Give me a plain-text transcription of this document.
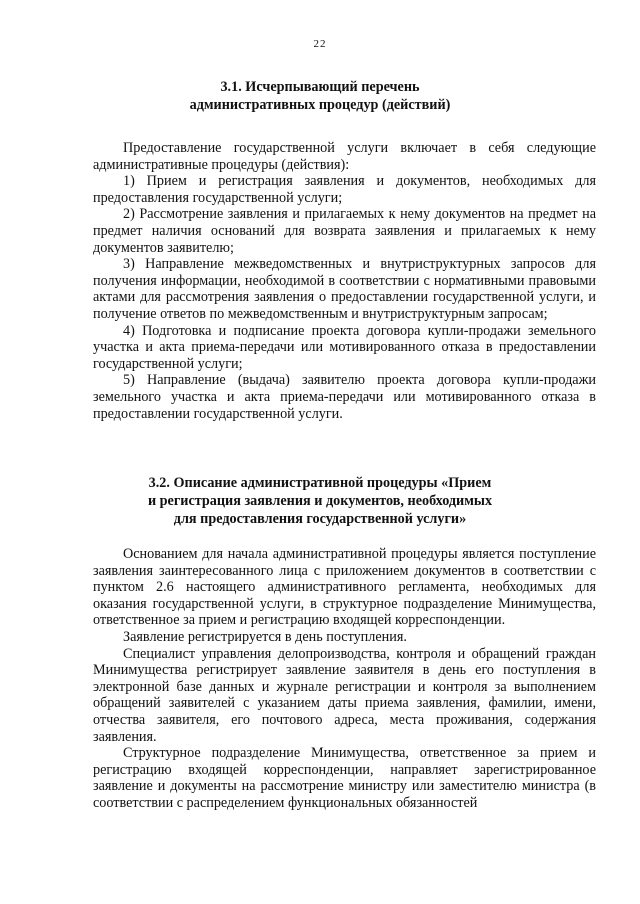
22
3.1. Исчерпывающий перечень
административных процедур (действий)

Предоставление государственной услуги включает в себя следующие административные процедуры (действия):

1) Прием и регистрация заявления и документов, необходимых для предоставления государственной услуги;

2) Рассмотрение заявления и прилагаемых к нему документов на предмет на предмет наличия оснований для возврата заявления и прилагаемых к нему документов заявителю;

3) Направление межведомственных и внутриструктурных запросов для получения информации, необходимой в соответствии с нормативными правовыми актами для рассмотрения заявления о предоставлении государственной услуги, и получение ответов по межведомственным и внутриструктурным запросам;

4) Подготовка и подписание проекта договора купли-продажи земельного участка и акта приема-передачи или мотивированного отказа в предоставлении государственной услуги;

5) Направление (выдача) заявителю проекта договора купли-продажи земельного участка и акта приема-передачи или мотивированного отказа в предоставлении государственной услуги.

3.2. Описание административной процедуры «Прием
и регистрация заявления и документов, необходимых
для предоставления государственной услуги»

Основанием для начала административной процедуры является поступление заявления заинтересованного лица с приложением документов в соответствии с пунктом 2.6 настоящего административного регламента, необходимых для оказания государственной услуги, в структурное подразделение Минимущества, ответственное за прием и регистрацию входящей корреспонденции.

Заявление регистрируется в день поступления.

Специалист управления делопроизводства, контроля и обращений граждан Минимущества регистрирует заявление заявителя в день его поступления в электронной базе данных и журнале регистрации и контроля за выполнением обращений заявителей с указанием даты приема заявления, фамилии, имени, отчества заявителя, его почтового адреса, места проживания, содержания заявления.

Структурное подразделение Минимущества, ответственное за прием и регистрацию входящей корреспонденции, направляет зарегистрированное заявление и документы на рассмотрение министру или заместителю министра (в соответствии с распределением функциональных обязанностей
